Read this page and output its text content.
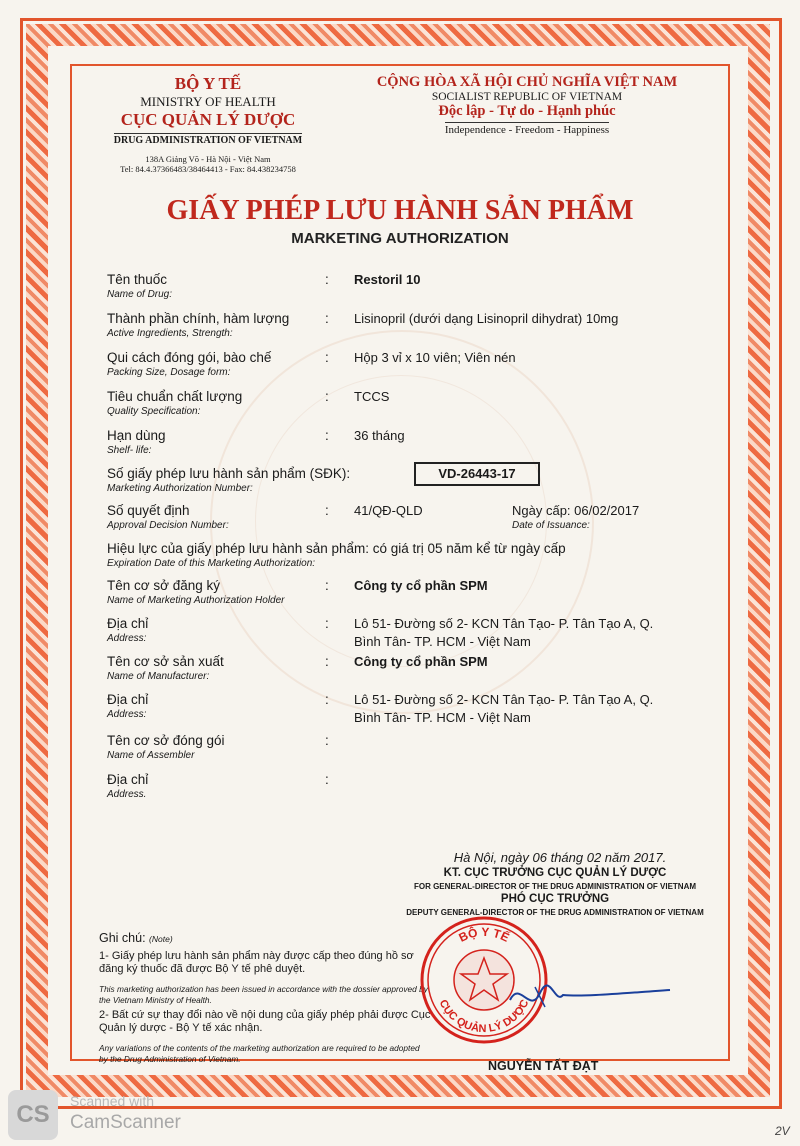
BỘ Y TẾ
MINISTRY OF HEALTH
CỤC QUẢN LÝ DƯỢC
DRUG ADMINISTRATION OF VIETNAM
138A Giảng Võ - Hà Nội - Việt Nam
Tel: 84.4.37366483/38464413 - Fax: 84.438234758
CỘNG HÒA XÃ HỘI CHỦ NGHĨA VIỆT NAM
SOCIALIST REPUBLIC OF VIETNAM
Độc lập - Tự do - Hạnh phúc
Independence - Freedom - Happiness
GIẤY PHÉP LƯU HÀNH SẢN PHẨM
MARKETING AUTHORIZATION
Tên thuốc
Name of Drug:
: Restoril 10
Thành phần chính, hàm lượng
Active Ingredients, Strength:
: Lisinopril (dưới dạng Lisinopril dihydrat) 10mg
Qui cách đóng gói, bào chế
Packing Size, Dosage form:
: Hộp 3 vỉ x 10 viên; Viên nén
Tiêu chuẩn chất lượng
Quality Specification:
: TCCS
Hạn dùng
Shelf- life:
: 36 tháng
Số giấy phép lưu hành sản phẩm (SĐK):
Marketing Authorization Number:
VD-26443-17
Số quyết định
Approval Decision Number:
: 41/QĐ-QLD	Ngày cấp: 06/02/2017
Date of Issuance:
Hiệu lực của giấy phép lưu hành sản phẩm: có giá trị 05 năm kể từ ngày cấp
Expiration Date of this Marketing Authorization:
Tên cơ sở đăng ký
Name of Marketing Authorization Holder
: Công ty cổ phần SPM
Địa chỉ
Address:
: Lô 51- Đường số 2- KCN Tân Tạo- P. Tân Tạo A, Q.
Bình Tân- TP. HCM - Việt Nam
Tên cơ sở sản xuất
Name of Manufacturer:
: Công ty cổ phần SPM
Địa chỉ
Address:
: Lô 51- Đường số 2- KCN Tân Tạo- P. Tân Tạo A, Q.
Bình Tân- TP. HCM - Việt Nam
Tên cơ sở đóng gói
Name of Assembler
:
Địa chỉ
Address.
:
Hà Nội, ngày 06 tháng 02 năm 2017.
KT. CỤC TRƯỞNG CỤC QUẢN LÝ DƯỢC
FOR GENERAL-DIRECTOR OF THE DRUG ADMINISTRATION OF VIETNAM
PHÓ CỤC TRƯỞNG
DEPUTY GENERAL-DIRECTOR OF THE DRUG ADMINISTRATION OF VIETNAM
Ghi chú: (Note)
1- Giấy phép lưu hành sản phẩm này được cấp theo đúng hồ sơ đăng ký thuốc đã được Bộ Y tế phê duyệt.
This marketing authorization has been issued in accordance with the dossier approved by the Vietnam Ministry of Health.
2- Bất cứ sự thay đổi nào về nội dung của giấy phép phải được Cục Quản lý dược - Bộ Y tế xác nhận.
Any variations of the contents of the marketing authorization are required to be adopted by the Drug Administration of Vietnam.
BỘ Y TẾ
CỤC QUẢN LÝ DƯỢC
NGUYỄN TẤT ĐẠT
CS	Scanned with
CamScanner	2V
